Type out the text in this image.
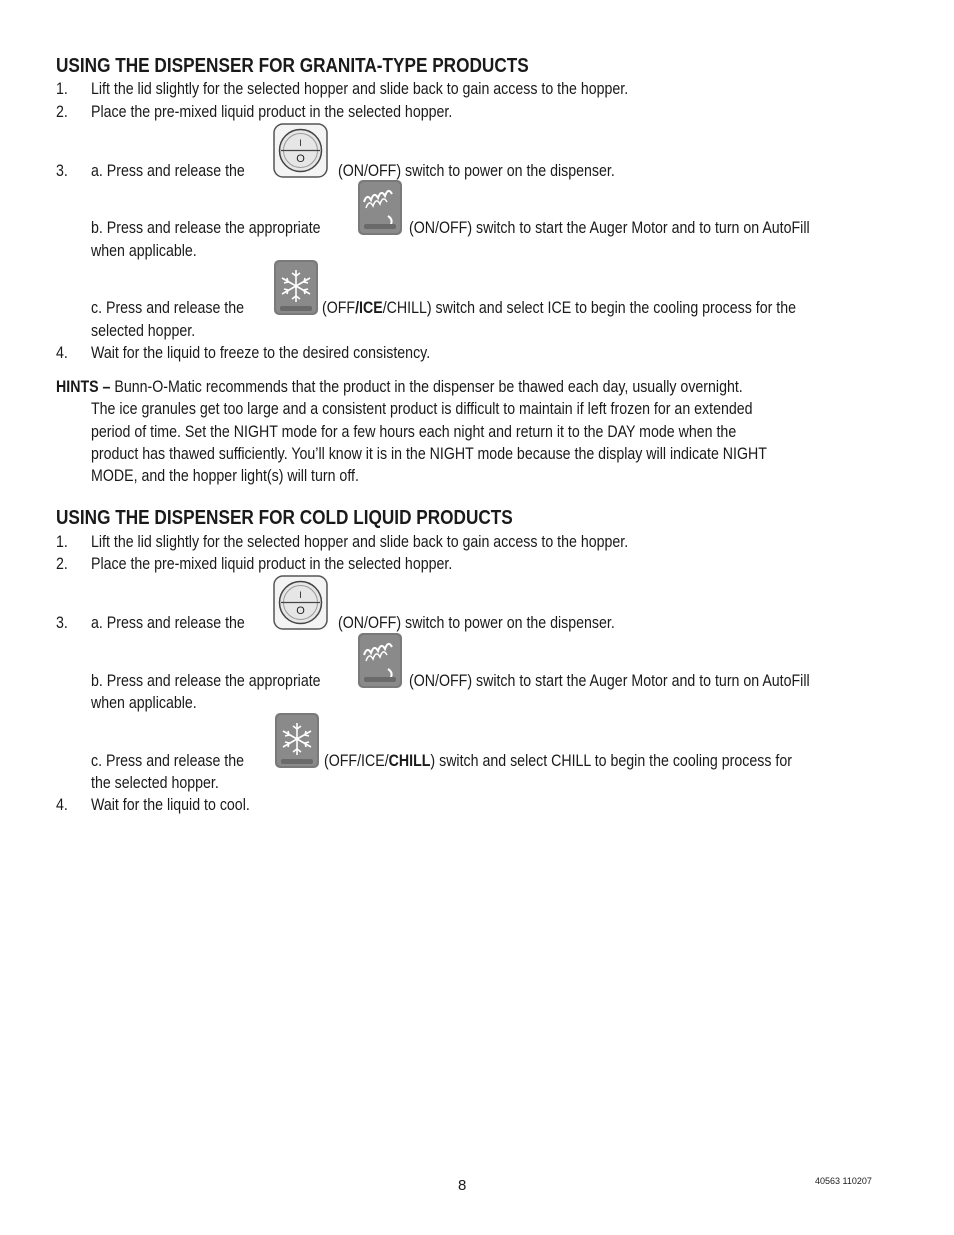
USING THE DISPENSER FOR GRANITA-TYPE PRODUCTS
1. Lift the lid slightly for the selected hopper and slide back to gain access to the hopper.
2. Place the pre-mixed liquid product in the selected hopper.
3. a. Press and release the
I
O
(ON/OFF) switch to power on the dispenser.
b. Press and release the appropriate	(ON/OFF) switch to start the Auger Motor and to turn on AutoFill
when applicable.
c. Press and release the	(OFF/ICE/CHILL) switch and select ICE to begin the cooling process for the
selected hopper.
4. Wait for the liquid to freeze to the desired consistency.
HINTS – Bunn-O-Matic recommends that the product in the dispenser be thawed each day, usually overnight.
The ice granules get too large and a consistent product is difficult to maintain if left frozen for an extended
period of time. Set the NIGHT mode for a few hours each night and return it to the DAY mode when the
product has thawed sufficiently. You’ll know it is in the NIGHT mode because the display will indicate NIGHT
MODE, and the hopper light(s) will turn off.
USING THE DISPENSER FOR COLD LIQUID PRODUCTS
1. Lift the lid slightly for the selected hopper and slide back to gain access to the hopper.
2. Place the pre-mixed liquid product in the selected hopper.
3. a. Press and release the
I
O
(ON/OFF) switch to power on the dispenser.
b. Press and release the appropriate	(ON/OFF) switch to start the Auger Motor and to turn on AutoFill
when applicable.
c. Press and release the	(OFF/ICE/CHILL) switch and select CHILL to begin the cooling process for
the selected hopper.
4. Wait for the liquid to cool.
8	40563 110207
